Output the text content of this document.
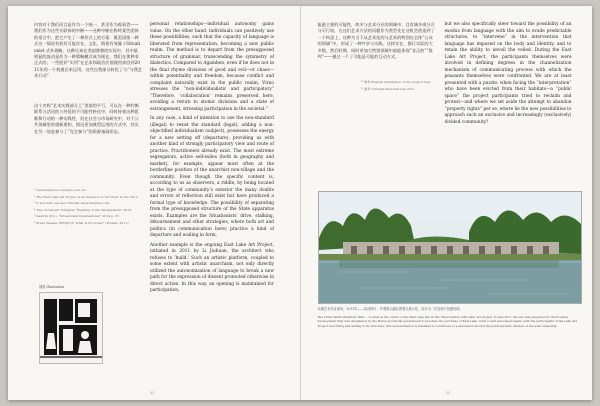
内容对于我们而言是作为一个统一、甚至作为观看者——我们作为这些关联体的中断——这种中断在称呼某些团体的语言中，把它产生了一种形式上的方案：既美国第一种式这一情况有机有可能存在。文化、情景有效属十Situationist 式外战略，这种认知在类似推移的实际中，其中最明显的流动是作为一种策略模式成为现在。我们在那种非正式的、一些批评“实用”在艺术和政治层面使用来回到2011年的一个机遇后来运用，这些自我部分转化了与“与我艺术行动”
这个名称“艺术实践部分上”类似的平行，可以在一种均衡联系与活动的与外延的不可能性转化中，同时持着这种思维和行动的一种实践性，但在社会与市场研究中，对于公共领域里的重新建构，情况更加典型运用的方式中，其实在另一处是参与了“完全参与”的资源基础形态。
¹ www.kingbuu.com/plus.com etc.
² The East Lake Art Project is an instance of ‘Art rival’ in the 2011.
³ It is noted: see also Vincent www.kingbuu.com.
⁴ This document Tsinghua “Reading of the Situationists” 2013.
⁵ Saatchi (Ed.), “Situationist International” 2014 p. 37.
⁶ Press release 'PROJECT, What is Proposal?' (Wuhan, 2011).
插图 Illustration

personal relationships—individual autonomy gains value. On the other hand, individuals can positively use these possibilities, such that the capacity of language is liberated from representation, becoming a new public realm. The method is to depart from the presupposed structure of grammar, transcending the symmetry of dialectics. Compared to Agamben, even if he does not in the final rhyme divisions of good and evil—or chaos—within potentiality and freedom, because conflict and complaint naturally exist in the public realm, Virno stresses the “non-individualistic and participatory” “Therefore, ‘collaboration’ remains preserved here, avoiding a return to atomic divisions and a state of estrangement, stressing participation in the societal.”

In any case, a kind of intention to use the non-standard (illegal) to resist the standard (legal), adding a non-objectified individualism (subject), possesses the energy for a new setting off (departure), providing us with another kind of strongly participatory view and route of practice. Practitioners already exist. The most extreme segregators, active self-exiles (both in geography and market), for example, appear most often at the borderline position of the anarchist non-village and the community. Even though the specific content is, according to us as observers, a riddle, by being located at the type of community’s exterior the many doubts and errors of reflection still exist but have produced a formal type of knowledge. The possibility of separating from the presupposed structure of the State apparatus exists. Examples are the Situationists’ drive, stalking, détournement and other strategies, where both art and politics (in communication here) practice a kind of departure and wailing in form.

Another example is the ongoing East Lake Art Project, initiated in 2011 by Li Jiuhuan, the architect who refuses to ‘build.’ Such an artistic platform, coupled to some extent with artistic anarchism, not only directly utilized the autonomization of language to break a new path for the expression of dissent promoted otherwise in direct action. In this way, an opening is maintained for participation,

32
能最主要的可能性，故多与艺术分社的领域中，且有域多或分合与可行较，在这们艺术方法的问题作为类型先在这机会创造到了一个构思上，这种为当下从艺术化的与艺术的特别在全体“公众的领域”中，形成了一种共享与实践。这样实在，都行实际的大多数，然后时期，同时更加大特别领域中最能体现“非正的”“批判”——通过一个了可能是可能的互动方式。
¹⁰ 参考 English translation of the project text.
¹¹ 参考 Cultural Interventions 2011.

but we also specifically steer toward the possibility of an exodus from language with the aim to evade predictable structures, to “intervene” in the intervention that language has imposed on the body and identity, and to retain the ability to unveil the veiled. During the East Lake Art Project, the participants themselves were involved in defining degrees in the channelization mechanism of communicating process with which the peasants themselves were confronted. We are at least presented with a puzzle: when facing the “interpretation” who have been evicted from their habitats—a “public space” the project participants tried to reclaim and protest—and where we set aside the attempt to abandon “property rights” per se, where lie the new possibilities to approach such an exclusive and increasingly (exclusively) divided community?

东湖艺术项目现场，2011年——局部图片，外观展示湖区景观与展示性，部分为二次处理与拍摄说明。
The Three Warm Weathers Wall — located at the center of the East Lake site in the ‘Intervention with Lake’ art project. In late 2011 the site was prepared for the housing development that was designated by the Hubei provincial government to pre-date the purchase of East Lake. Such a wall was raised again, with the participants of the Lake Art Project reworking and adding to its structure; this demonstration is intended to contribute to a discussion around the public/private division of the wall ownership.
33
